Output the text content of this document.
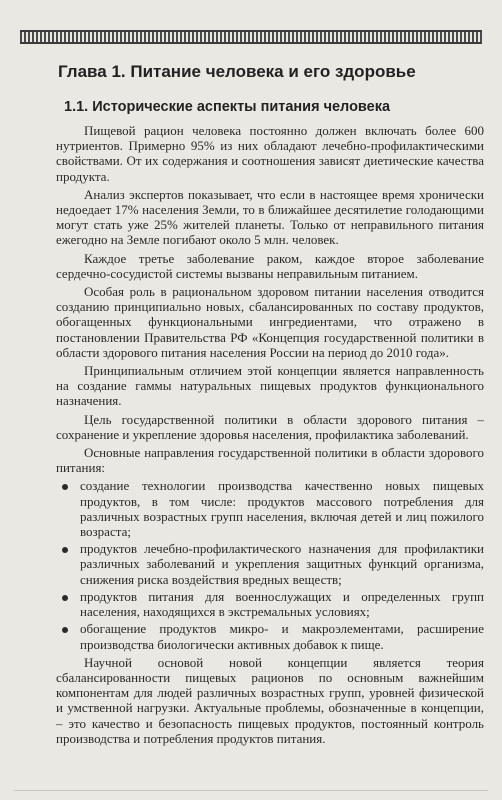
Глава 1. Питание человека и его здоровье
1.1. Исторические аспекты питания человека

Пищевой рацион человека постоянно должен включать более 600 нутриентов. Примерно 95% из них обладают лечебно-профилактическими свойствами. От их содержания и соотношения зависят диетические качества продукта.

Анализ экспертов показывает, что если в настоящее время хронически недоедает 17% населения Земли, то в ближайшее десятилетие голодающими могут стать уже 25% жителей планеты. Только от неправильного питания ежегодно на Земле погибают около 5 млн. человек.

Каждое третье заболевание раком, каждое второе заболевание сердечно-сосудистой системы вызваны неправильным питанием.

Особая роль в рациональном здоровом питании населения отводится созданию принципиально новых, сбалансированных по составу продуктов, обогащенных функциональными ингредиентами, что отражено в постановлении Правительства РФ «Концепция государственной политики в области здорового питания населения России на период до 2010 года».

Принципиальным отличием этой концепции является направленность на создание гаммы натуральных пищевых продуктов функционального назначения.

Цель государственной политики в области здорового питания – сохранение и укрепление здоровья населения, профилактика заболеваний.

Основные направления государственной политики в области здорового питания:

создание технологии производства качественно новых пищевых продуктов, в том числе: продуктов массового потребления для различных возрастных групп населения, включая детей и лиц пожилого возраста;
продуктов лечебно-профилактического назначения для профилактики различных заболеваний и укрепления защитных функций организма, снижения риска воздействия вредных веществ;
продуктов питания для военнослужащих и определенных групп населения, находящихся в экстремальных условиях;
обогащение продуктов микро- и макроэлементами, расширение производства биологически активных добавок к пище.

Научной основой новой концепции является теория сбалансированности пищевых рационов по основным важнейшим компонентам для людей различных возрастных групп, уровней физической и умственной нагрузки. Актуальные проблемы, обозначенные в концепции, – это качество и безопасность пищевых продуктов, постоянный контроль производства и потребления продуктов питания.
